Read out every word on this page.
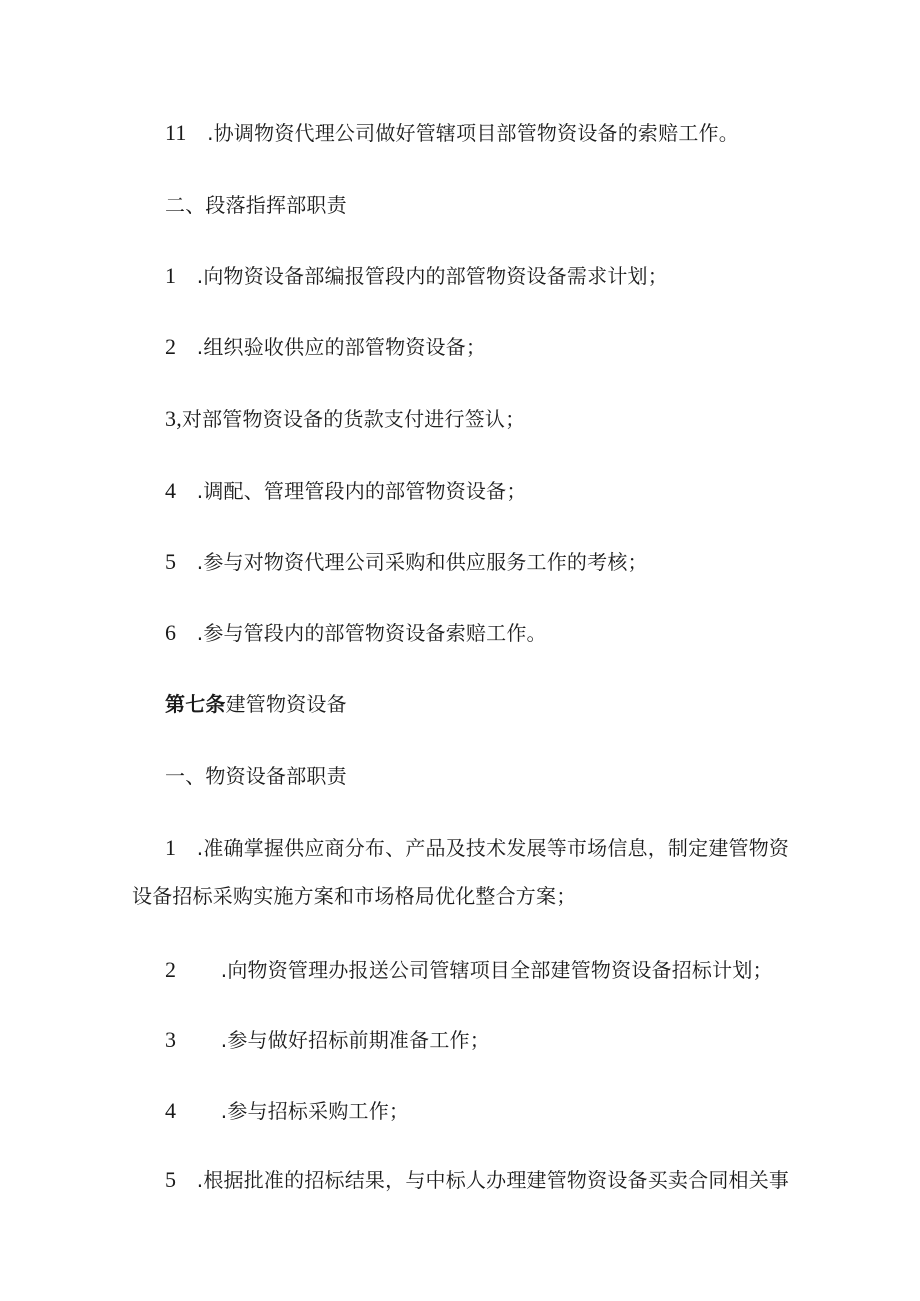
11 .协调物资代理公司做好管辖项目部管物资设备的索赔工作。
二、段落指挥部职责
1 .向物资设备部编报管段内的部管物资设备需求计划；
2 .组织验收供应的部管物资设备；
3,对部管物资设备的货款支付进行签认；
4 .调配、管理管段内的部管物资设备；
5 .参与对物资代理公司采购和供应服务工作的考核；
6 .参与管段内的部管物资设备索赔工作。
第七条建管物资设备
一、物资设备部职责
1 .准确掌握供应商分布、产品及技术发展等市场信息，制定建管物资
设备招标采购实施方案和市场格局优化整合方案；
2 .向物资管理办报送公司管辖项目全部建管物资设备招标计划；
3 .参与做好招标前期准备工作；
4 .参与招标采购工作；
5 .根据批准的招标结果，与中标人办理建管物资设备买卖合同相关事
